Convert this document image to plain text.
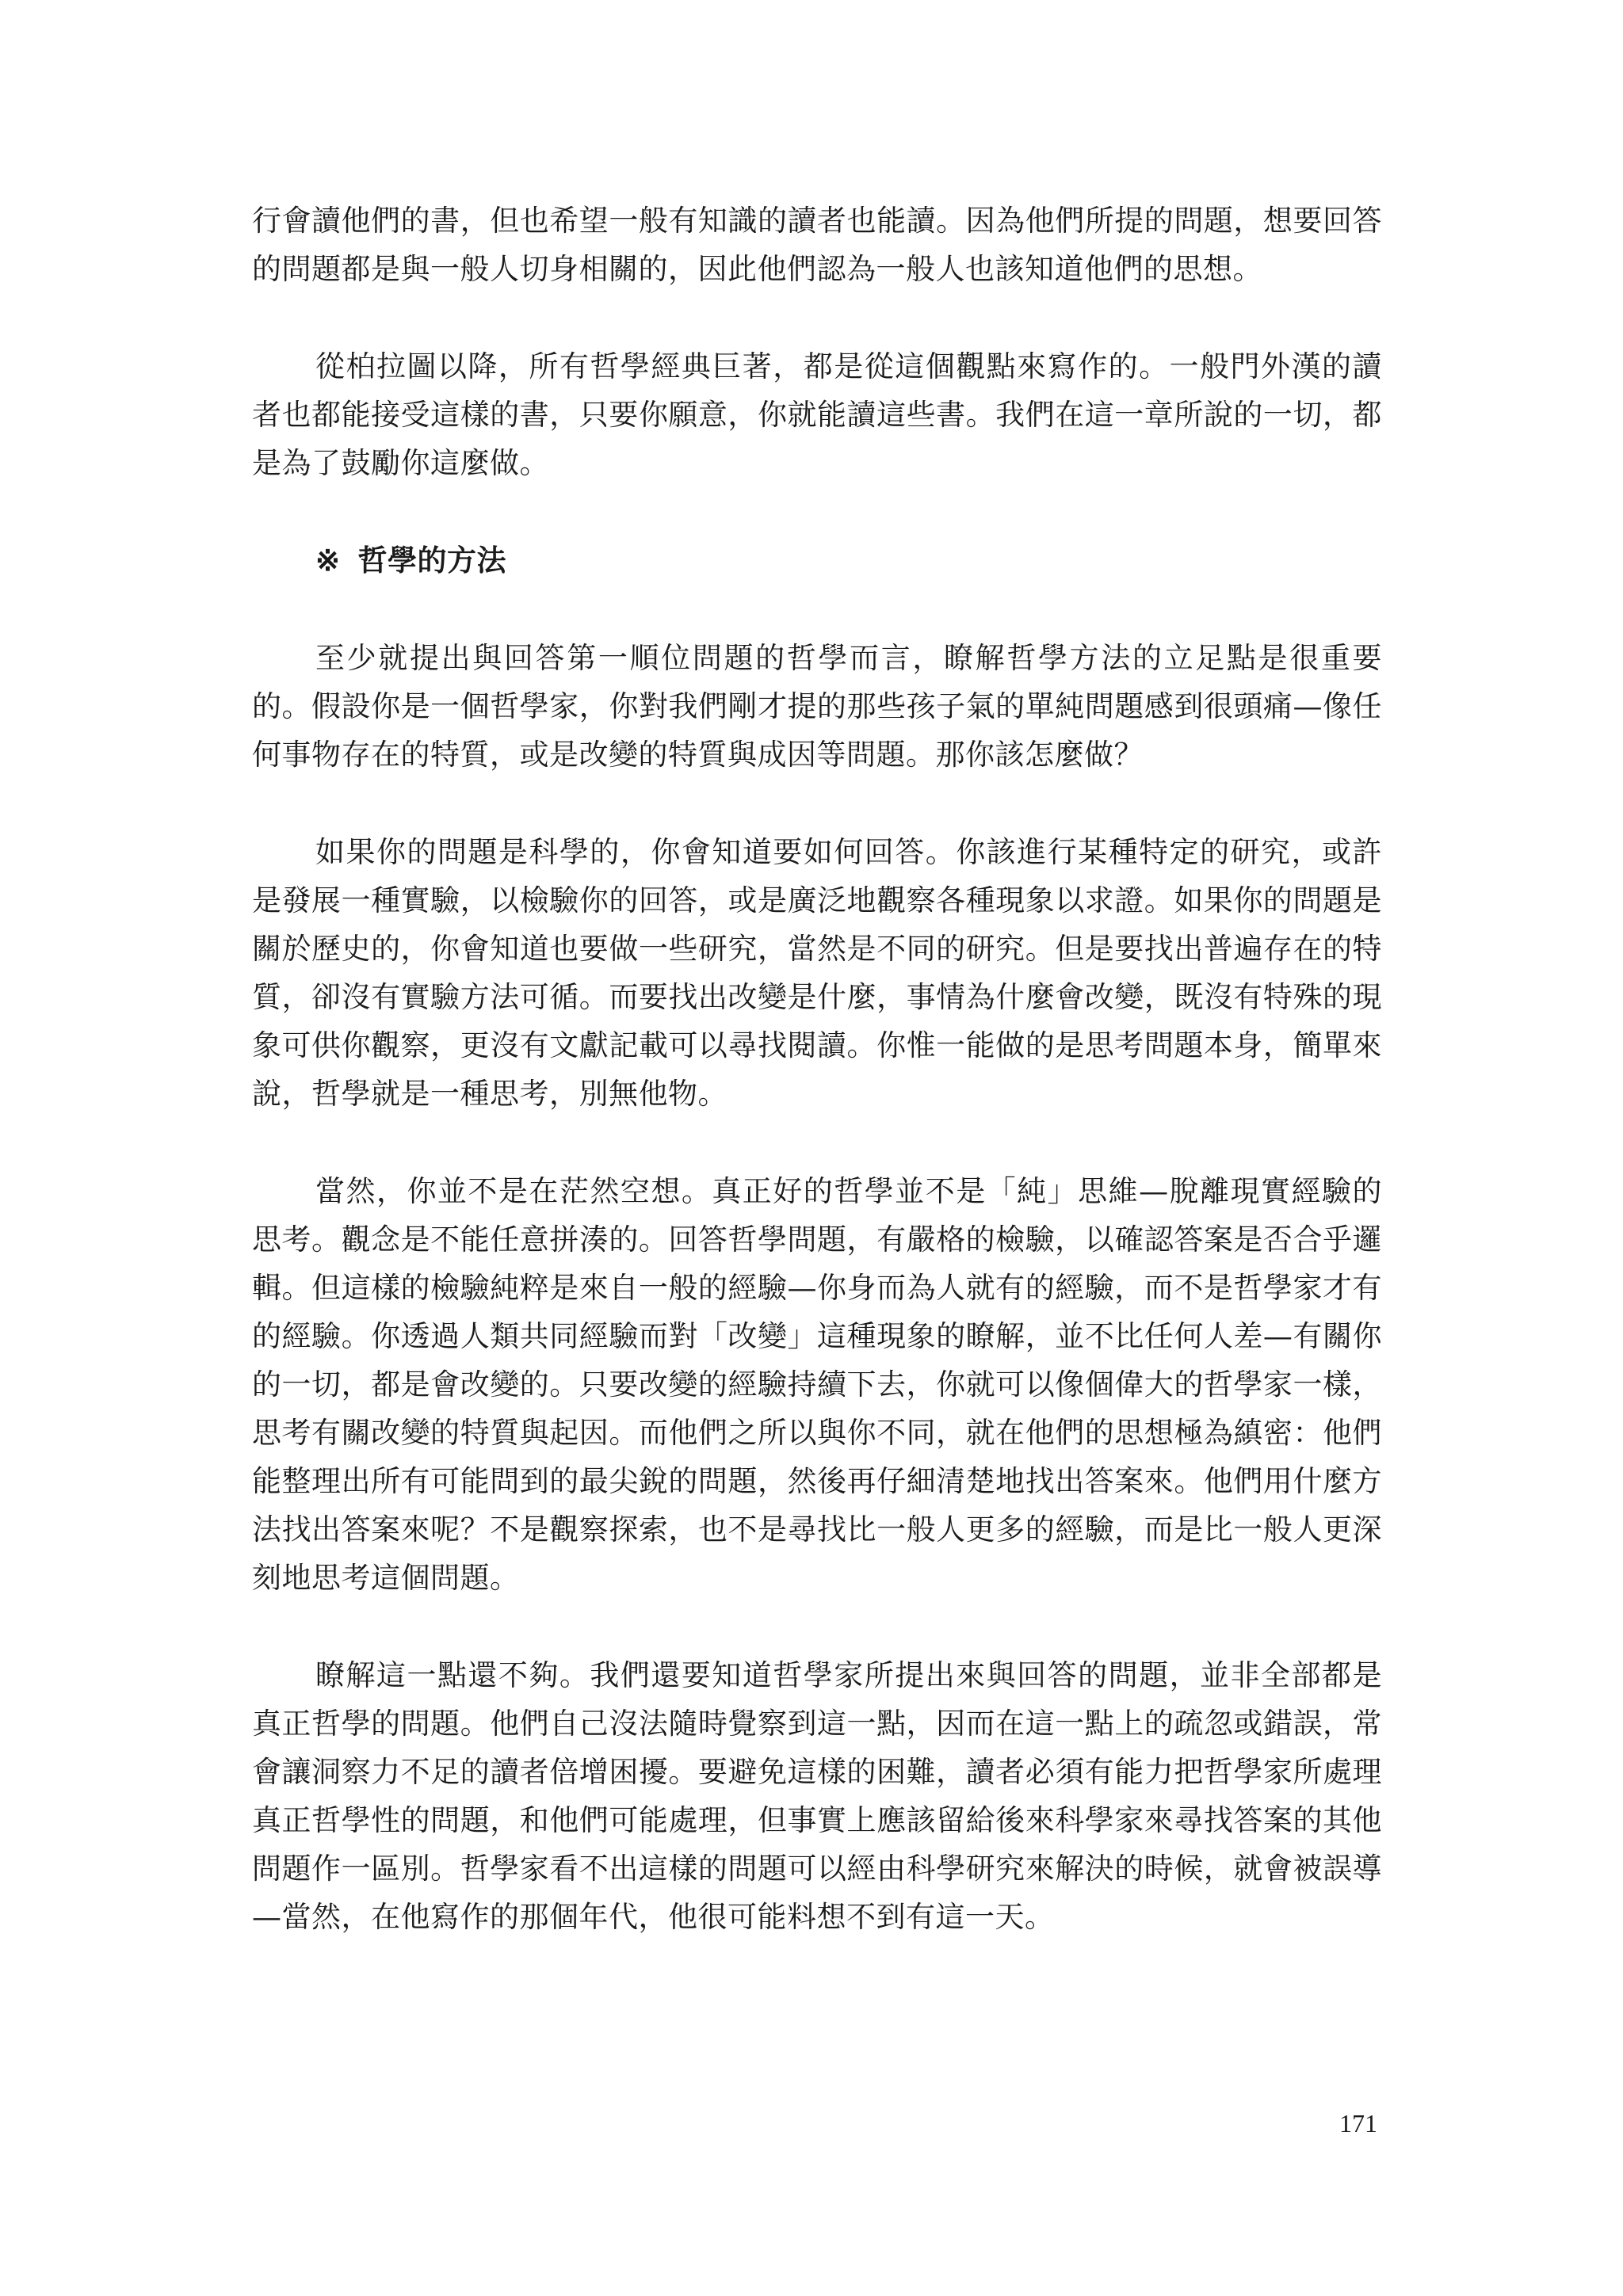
行會讀他們的書，但也希望一般有知識的讀者也能讀。因為他們所提的問題，想要回答的問題都是與一般人切身相關的，因此他們認為一般人也該知道他們的思想。

從柏拉圖以降，所有哲學經典巨著，都是從這個觀點來寫作的。一般門外漢的讀者也都能接受這樣的書，只要你願意，你就能讀這些書。我們在這一章所說的一切，都是為了鼓勵你這麼做。

※ 哲學的方法

至少就提出與回答第一順位問題的哲學而言，瞭解哲學方法的立足點是很重要的。假設你是一個哲學家，你對我們剛才提的那些孩子氣的單純問題感到很頭痛—像任何事物存在的特質，或是改變的特質與成因等問題。那你該怎麼做？

如果你的問題是科學的，你會知道要如何回答。你該進行某種特定的研究，或許是發展一種實驗，以檢驗你的回答，或是廣泛地觀察各種現象以求證。如果你的問題是關於歷史的，你會知道也要做一些研究，當然是不同的研究。但是要找出普遍存在的特質，卻沒有實驗方法可循。而要找出改變是什麼，事情為什麼會改變，既沒有特殊的現象可供你觀察，更沒有文獻記載可以尋找閱讀。你惟一能做的是思考問題本身，簡單來說，哲學就是一種思考，別無他物。

當然，你並不是在茫然空想。真正好的哲學並不是「純」思維—脫離現實經驗的思考。觀念是不能任意拼湊的。回答哲學問題，有嚴格的檢驗，以確認答案是否合乎邏輯。但這樣的檢驗純粹是來自一般的經驗—你身而為人就有的經驗，而不是哲學家才有的經驗。你透過人類共同經驗而對「改變」這種現象的瞭解，並不比任何人差—有關你的一切，都是會改變的。只要改變的經驗持續下去，你就可以像個偉大的哲學家一樣，思考有關改變的特質與起因。而他們之所以與你不同，就在他們的思想極為縝密：他們能整理出所有可能問到的最尖銳的問題，然後再仔細清楚地找出答案來。他們用什麼方法找出答案來呢？不是觀察探索，也不是尋找比一般人更多的經驗，而是比一般人更深刻地思考這個問題。

瞭解這一點還不夠。我們還要知道哲學家所提出來與回答的問題，並非全部都是真正哲學的問題。他們自己沒法隨時覺察到這一點，因而在這一點上的疏忽或錯誤，常會讓洞察力不足的讀者倍增困擾。要避免這樣的困難，讀者必須有能力把哲學家所處理真正哲學性的問題，和他們可能處理，但事實上應該留給後來科學家來尋找答案的其他問題作一區別。哲學家看不出這樣的問題可以經由科學研究來解決的時候，就會被誤導—當然，在他寫作的那個年代，他很可能料想不到有這一天。

171
